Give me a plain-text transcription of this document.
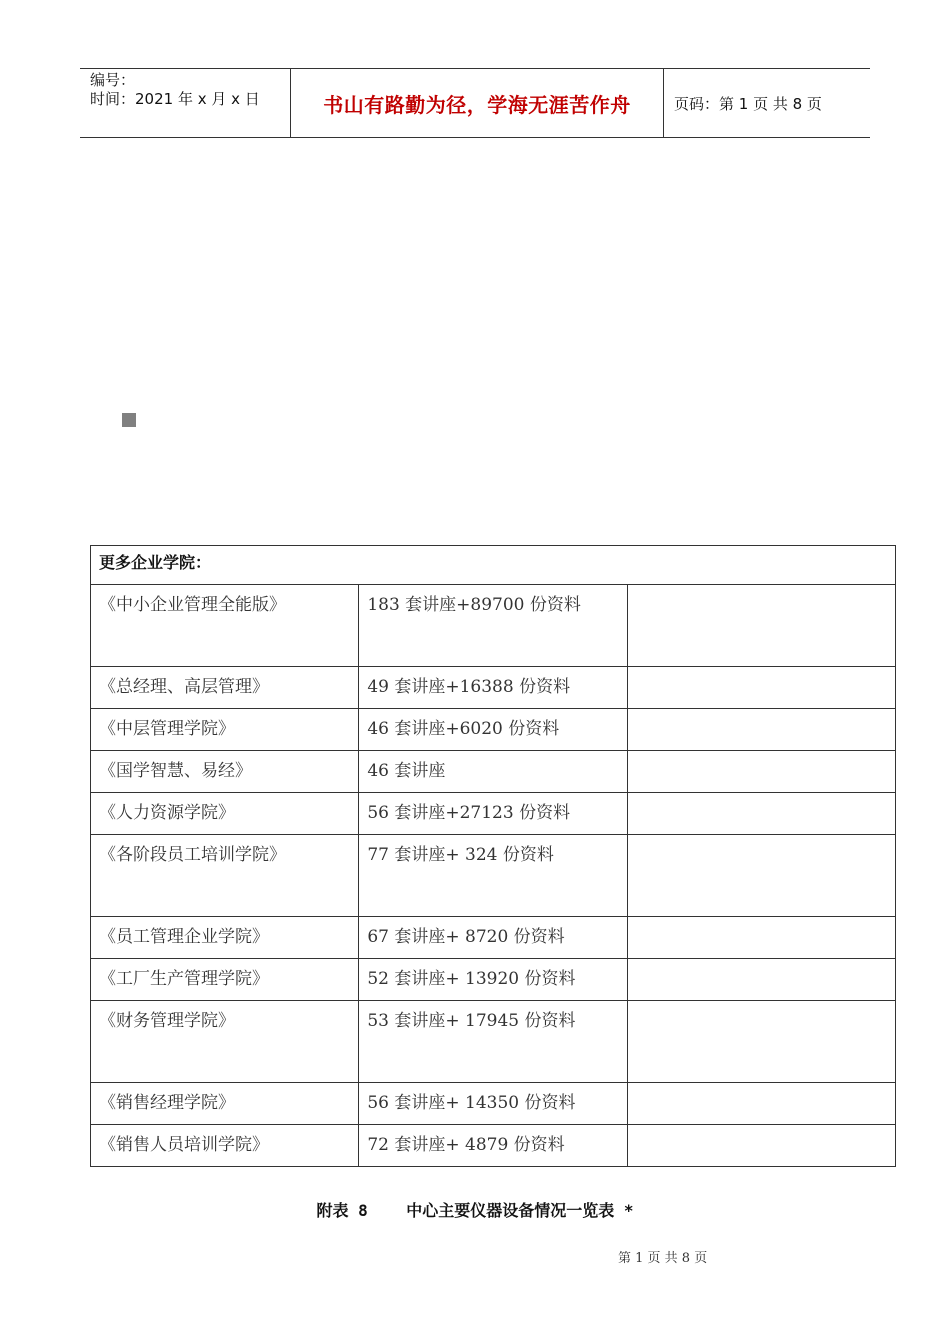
编号：
时间：2021 年 x 月 x 日	书山有路勤为径，学海无涯苦作舟	页码：第 1 页 共 8 页
更多企业学院：		

《中小企业管理全能版》	183 套讲座+89700 份资料	

《总经理、高层管理》	49 套讲座+16388 份资料	

《中层管理学院》	46 套讲座+6020 份资料	

《国学智慧、易经》	46 套讲座	

《人力资源学院》	56 套讲座+27123 份资料	

《各阶段员工培训学院》	77 套讲座+ 324 份资料	

《员工管理企业学院》	67 套讲座+ 8720 份资料	

《工厂生产管理学院》	52 套讲座+ 13920 份资料	

《财务管理学院》	53 套讲座+ 17945 份资料	

《销售经理学院》	56 套讲座+ 14350 份资料	

《销售人员培训学院》	72 套讲座+ 4879 份资料	

附表 8    中心主要仪器设备情况一览表 *
第 1 页 共 8 页
